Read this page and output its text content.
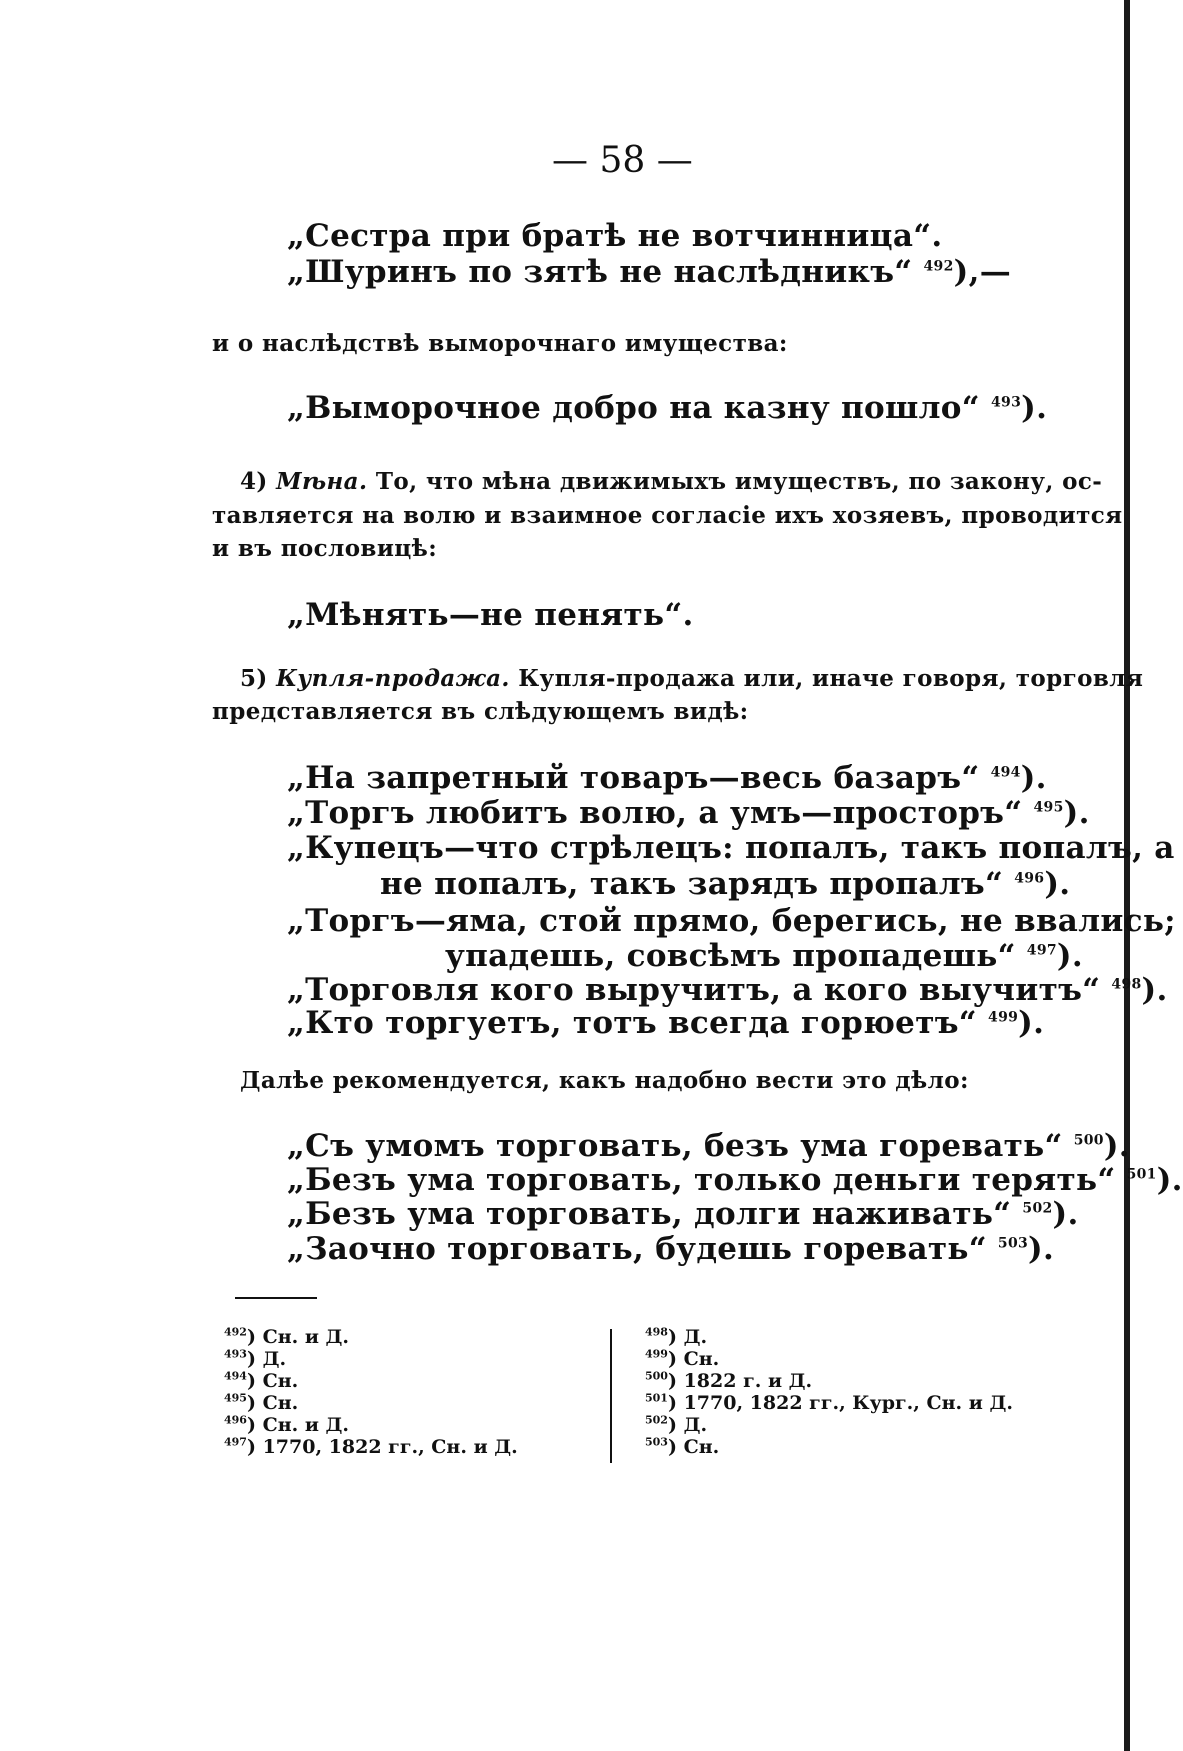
— 58 —
„Сестра при братѣ не вотчинница“.
„Шуринъ по зятѣ не наслѣдникъ“ $^{492}$),—
и о наслѣдствѣ выморочнаго имущества:
„Выморочное добро на казну пошло“ $^{493}$).
4) Мѣна. То, что мѣна движимыхъ имуществъ, по закону, ос-
тавляется на волю и взаимное согласіе ихъ хозяевъ, проводится
и въ пословицѣ:
„Мѣнять—не пенять“.
5) Купля-продажа. Купля-продажа или, иначе говоря, торговля
представляется въ слѣдующемъ видѣ:
„На запретный товаръ—весь базаръ“ $^{494}$).
„Торгъ любитъ волю, а умъ—просторъ“ $^{495}$).
„Купецъ—что стрѣлецъ: попалъ, такъ попалъ, а
не попалъ, такъ зарядъ пропалъ“ $^{496}$).
„Торгъ—яма, стой прямо, берегись, не ввались;
упадешь, совсѣмъ пропадешь“ $^{497}$).
„Торговля кого выручитъ, а кого выучитъ“ $^{498}$).
„Кто торгуетъ, тотъ всегда горюетъ“ $^{499}$).
Далѣе рекомендуется, какъ надобно вести это дѣло:
„Съ умомъ торговать, безъ ума горевать“ $^{500}$).
„Безъ ума торговать, только деньги терять“ $^{501}$).
„Безъ ума торговать, долги наживать“ $^{502}$).
„Заочно торговать, будешь горевать“ $^{503}$).
$^{492}$) Сн. и Д.
$^{493}$) Д.
$^{494}$) Сн.
$^{495}$) Сн.
$^{496}$) Сн. и Д.
$^{497}$) 1770, 1822 гг., Сн. и Д.
$^{498}$) Д.
$^{499}$) Сн.
$^{500}$) 1822 г. и Д.
$^{501}$) 1770, 1822 гг., Кург., Сн. и Д.
$^{502}$) Д.
$^{503}$) Сн.
